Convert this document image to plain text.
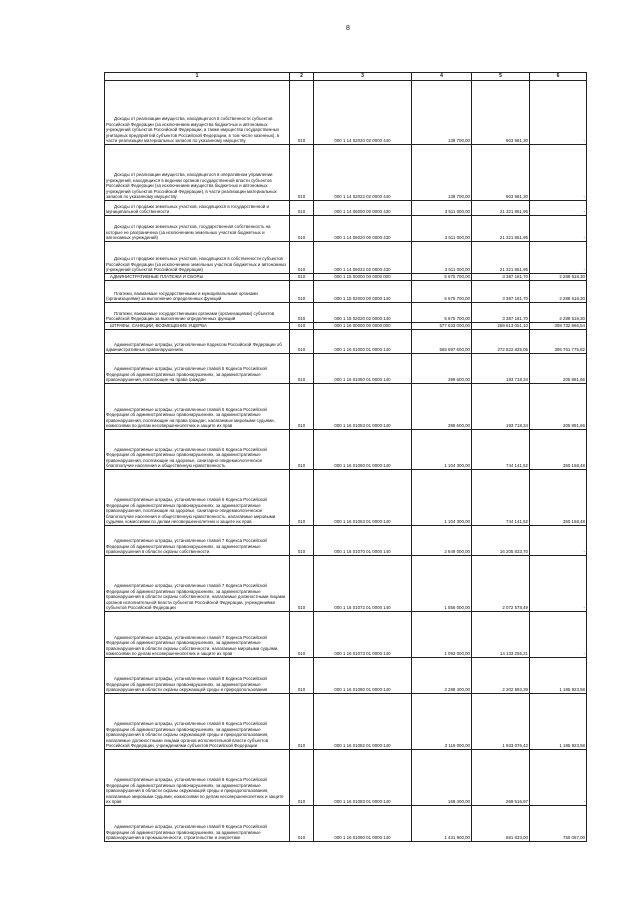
8
1	2	3	4	5	6

Доходы от реализации имущества, находящегося в собственности субъектов Российской Федерации (за исключением имущества бюджетных и автономных учреждений субъектов Российской Федерации, а также имущества государственных унитарных предприятий субъектов Российской Федерации, в том числе казенных), в части реализации материальных запасов по указанному имуществу	010	000 1 14 02020 02 0000 440	138 700,00	903 981,30	-

Доходы от реализации имущества, находящегося в оперативном управлении учреждений, находящихся в ведении органов государственной власти субъектов Российской Федерации (за исключением имущества бюджетных и автономных учреждений субъектов Российской Федерации), в части реализации материальных запасов по указанному имуществу	010	000 1 14 02022 02 0000 440	138 700,00	903 981,30	-

Доходы от продажи земельных участков, находящихся в государственной и муниципальной собственности	010	000 1 14 06000 00 0000 430	3 511 000,00	21 321 861,95	-

Доходы от продажи земельных участков, государственная собственность на которые не разграничена (за исключением земельных участков бюджетных и автономных учреждений)	010	000 1 14 06020 00 0000 430	3 511 000,00	21 321 861,95	-

Доходы от продажи земельных участков, находящихся в собственности субъектов Российской Федерации (за исключением земельных участков бюджетных и автономных учреждений субъектов Российской Федерации)	010	000 1 14 06022 02 0000 430	3 511 000,00	21 321 861,95	-

АДМИНИСТРАТИВНЫЕ ПЛАТЕЖИ И СБОРЫ	010	000 1 15 00000 00 0000 000	5 675 700,00	3 387 181,70	2 288 518,30

Платежи, взимаемые государственными и муниципальными органами (организациями) за выполнение определенных функций	010	000 1 15 02000 00 0000 140	5 675 700,00	3 387 181,70	2 288 518,30

Платежи, взимаемые государственными органами (организациями) субъектов Российской Федерации за выполнение определенных функций	010	000 1 15 02020 02 0000 140	5 675 700,00	3 387 181,70	2 288 518,30

ШТРАФЫ, САНКЦИИ, ВОЗМЕЩЕНИЕ УЩЕРБА	010	000 1 16 00000 00 0000 000	577 633 000,00	268 613 051,10	308 732 966,54

Административные штрафы, установленные Кодексом Российской Федерации об административных правонарушениях	010	000 1 16 01000 01 0000 140	565 697 600,00	272 822 825,05	306 761 775,82

Административные штрафы, установленные главой 5 Кодекса Российской Федерации об административных правонарушениях, за административные правонарушения, посягающие на права граждан	010	000 1 16 01050 01 0000 140	399 600,00	193 718,34	205 881,66

Административные штрафы, установленные главой 5 Кодекса Российской Федерации об административных правонарушениях, за административные правонарушения, посягающие на права граждан, налагаемые мировыми судьями, комиссиями по делам несовершеннолетних и защите их прав	010	000 1 16 01053 01 0000 140	399 600,00	193 718,34	205 881,66

Административные штрафы, установленные главой 6 Кодекса Российской Федерации об административных правонарушениях, за административные правонарушения, посягающие на здоровье, санитарно-эпидемиологическое благополучие населения и общественную нравственность	010	000 1 16 01060 01 0000 140	1 104 300,00	744 141,52	360 158,48

Административные штрафы, установленные главой 6 Кодекса Российской Федерации об административных правонарушениях, за административные правонарушения, посягающие на здоровье, санитарно-эпидемиологическое благополучие населения и общественную нравственность, налагаемые мировыми судьями, комиссиями по делам несовершеннолетних и защите их прав	010	000 1 16 01063 01 0000 140	1 104 300,00	744 141,52	360 158,48

Административные штрафы, установленные главой 7 Кодекса Российской Федерации об административных правонарушениях, за административные правонарушения в области охраны собственности	010	000 1 16 01070 01 0000 140	2 649 000,00	16 205 833,70	-

Административные штрафы, установленные главой 7 Кодекса Российской Федерации об административных правонарушениях, за административные правонарушения в области охраны собственности, налагаемые должностными лицами органов исполнительной власти субъектов Российской Федерации, учреждениями субъектов Российской Федерации	010	000 1 16 01072 01 0000 140	1 556 000,00	2 072 578,49	-

Административные штрафы, установленные главой 7 Кодекса Российской Федерации об административных правонарушениях, за административные правонарушения в области охраны собственности, налагаемые мировыми судьями, комиссиями по делам несовершеннолетних и защите их прав	010	000 1 16 01073 01 0000 140	1 093 000,00	14 133 255,21	-

Административные штрафы, установленные главой 8 Кодекса Российской Федерации об административных правонарушениях, за административные правонарушения в области охраны окружающей среды и природопользования	010	000 1 16 01080 01 0000 140	3 288 400,00	2 202 593,39	1 185 923,58

Административные штрафы, установленные главой 8 Кодекса Российской Федерации об административных правонарушениях, за административные правонарушения в области охраны окружающей среды и природопользования, налагаемые должностными лицами органов исполнительной власти субъектов Российской Федерации, учреждениями субъектов Российской Федерации	010	000 1 16 01082 01 0000 140	3 119 000,00	1 933 076,42	1 185 923,58

Административные штрафы, установленные главой 8 Кодекса Российской Федерации об административных правонарушениях, за административные правонарушения в области охраны окружающей среды и природопользования, налагаемые мировыми судьями, комиссиями по делам несовершеннолетних и защите их прав	010	000 1 16 01083 01 0000 140	169 400,00	269 516,97	-

Административные штрафы, установленные главой 9 Кодекса Российской Федерации об административных правонарушениях, за административные правонарушения в промышленности, строительстве и энергетике	010	000 1 16 01090 01 0000 140	1 431 900,00	681 833,00	750 067,00
